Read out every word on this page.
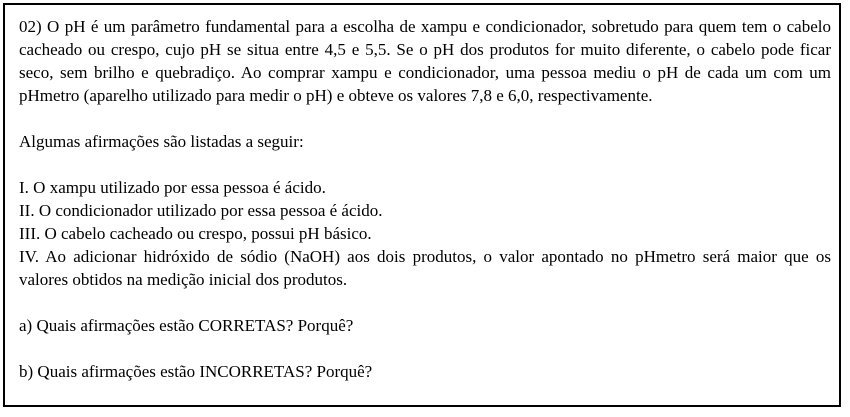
02) O pH é um parâmetro fundamental para a escolha de xampu e condicionador, sobretudo para quem tem o cabelo cacheado ou crespo, cujo pH se situa entre 4,5 e 5,5. Se o pH dos produtos for muito diferente, o cabelo pode ficar seco, sem brilho e quebradiço. Ao comprar xampu e condicionador, uma pessoa mediu o pH de cada um com um pHmetro (aparelho utilizado para medir o pH) e obteve os valores 7,8 e 6,0, respectivamente.

Algumas afirmações são listadas a seguir:

I. O xampu utilizado por essa pessoa é ácido.

II. O condicionador utilizado por essa pessoa é ácido.

III. O cabelo cacheado ou crespo, possui pH básico.

IV. Ao adicionar hidróxido de sódio (NaOH) aos dois produtos, o valor apontado no pHmetro será maior que os valores obtidos na medição inicial dos produtos.

a) Quais afirmações estão CORRETAS? Porquê?

b) Quais afirmações estão INCORRETAS? Porquê?
